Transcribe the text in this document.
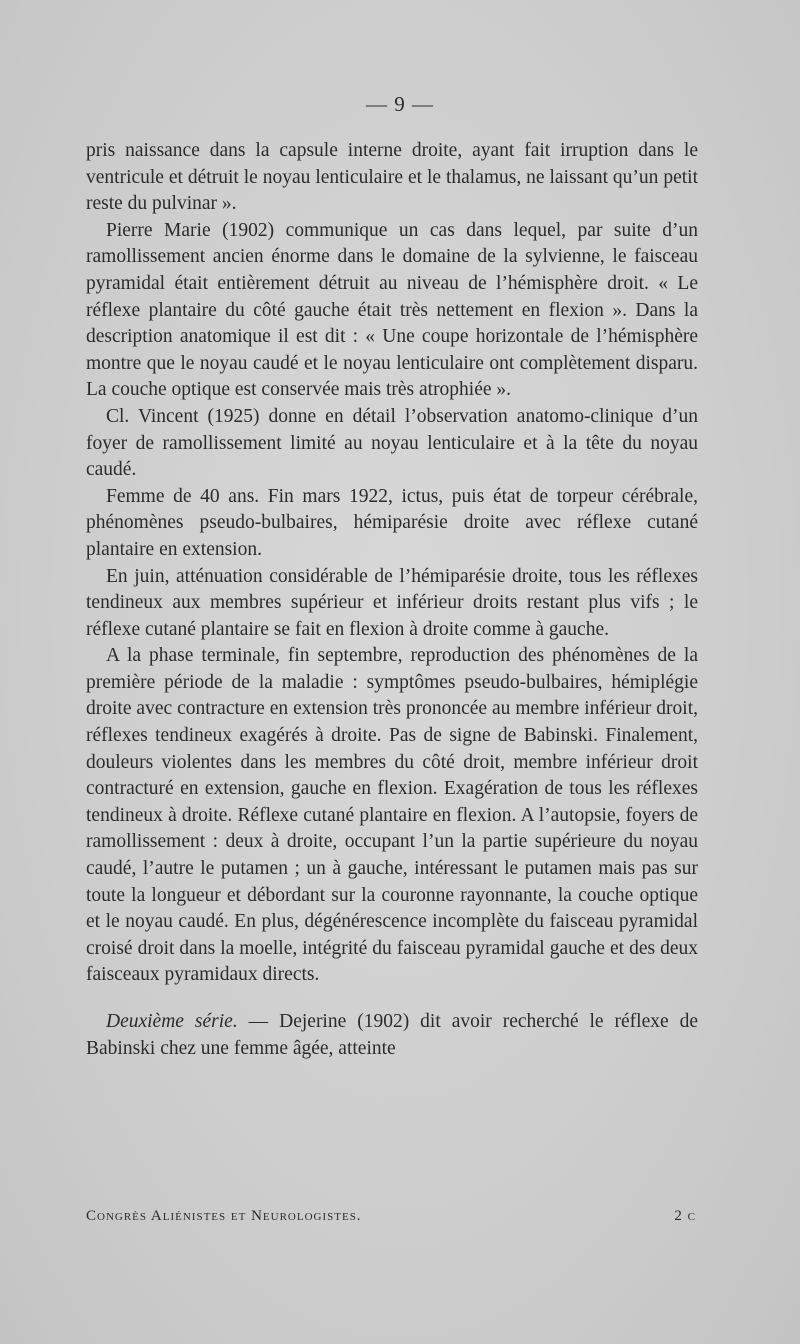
— 9 —

pris naissance dans la capsule interne droite, ayant fait irruption dans le ventricule et détruit le noyau lenticulaire et le thalamus, ne laissant qu’un petit reste du pulvinar ».

Pierre Marie (1902) communique un cas dans lequel, par suite d’un ramollissement ancien énorme dans le domaine de la sylvienne, le faisceau pyramidal était entièrement détruit au niveau de l’hémisphère droit. « Le réflexe plantaire du côté gauche était très nettement en flexion ». Dans la description anatomique il est dit : « Une coupe horizontale de l’hémisphère montre que le noyau caudé et le noyau lenticulaire ont complètement disparu. La couche optique est conservée mais très atrophiée ».

Cl. Vincent (1925) donne en détail l’observation anatomo-clinique d’un foyer de ramollissement limité au noyau lenticulaire et à la tête du noyau caudé.

Femme de 40 ans. Fin mars 1922, ictus, puis état de torpeur cérébrale, phénomènes pseudo-bulbaires, hémiparésie droite avec réflexe cutané plantaire en extension.

En juin, atténuation considérable de l’hémiparésie droite, tous les réflexes tendineux aux membres supérieur et inférieur droits restant plus vifs ; le réflexe cutané plantaire se fait en flexion à droite comme à gauche.

A la phase terminale, fin septembre, reproduction des phénomènes de la première période de la maladie : symptômes pseudo-bulbaires, hémiplégie droite avec contracture en extension très prononcée au membre inférieur droit, réflexes tendineux exagérés à droite. Pas de signe de Babinski. Finalement, douleurs violentes dans les membres du côté droit, membre inférieur droit contracturé en extension, gauche en flexion. Exagération de tous les réflexes tendineux à droite. Réflexe cutané plantaire en flexion. A l’autopsie, foyers de ramollissement : deux à droite, occupant l’un la partie supérieure du noyau caudé, l’autre le putamen ; un à gauche, intéressant le putamen mais pas sur toute la longueur et débordant sur la couronne rayonnante, la couche optique et le noyau caudé. En plus, dégénérescence incomplète du faisceau pyramidal croisé droit dans la moelle, intégrité du faisceau pyramidal gauche et des deux faisceaux pyramidaux directs.

Deuxième série. — Dejerine (1902) dit avoir recherché le réflexe de Babinski chez une femme âgée, atteinte

Congrès Aliénistes et Neurologistes.	2 c
